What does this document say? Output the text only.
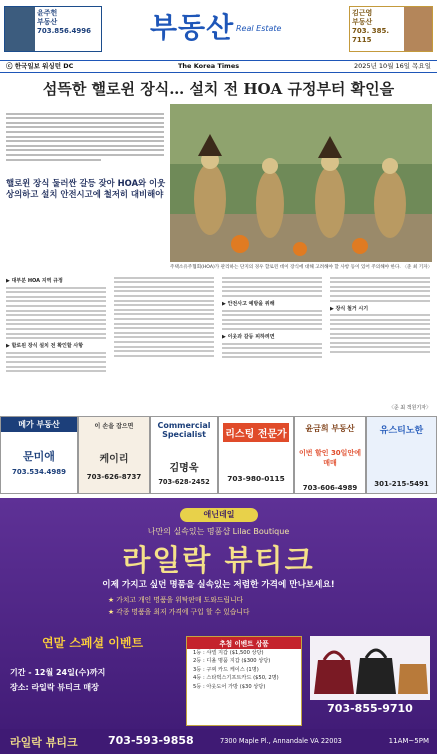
윤주헌
부동산
703.856.4996 부동산 Real Estate
김근영
부동산
703. 385. 7115
ⓒ 한국일보 워싱턴 DC	The Korea Times	2025년 10월 16일 목요일
섬뜩한 핼로윈 장식… 설치 전 HOA 규정부터 확인을
핼로윈 장식 둘러싼 갈등 잦아 HOA와 이웃 상의하고 설치 안전시고에 철저히 대비해야
주택소유주협회(HOA)가 관리하는 단지의 경우 할로윈 데이 장식에 대해 고려해야 할 사항 등이 있어 주의해야 한다. 〈준 최 기자〉
▶ 대부분 HOA 지역 규정
▶ 할로윈 장식 설치 전 확인할 사항
▶ 안전사고 예방을 위해
▶ 이웃과 갈등 피하려면
▶ 장식 철거 시기
〈준 최 객원기자〉
메가 부동산
문미애
703.534.4989
이 손을 잡으면
케이리
703-626-8737
Commercial Specialist
김명욱
703-628-2452
리스팅 전문가
703-980-0115
윤금희 부동산
이번 할인 30일안에 매매
703-606-4989
유스티노한
301-215-5491
애닌데일
나만의 실속있는 명품샵 Lilac Boutique
라일락 뷰티크
이제 가지고 싶던 명품을 실속있는 저렴한 가격에 만나보세요!
★ 가치고 개인 명품을 위탁판매 도와드립니다
★ 각종 명품을 최저 가격에 구입 할 수 있습니다
연말 스페셜 이벤트
기간 - 12월 24일(수)까지
장소: 라일락 뷰티크 매장
추첨 이벤트 상품
1등 : 샤넬 지갑 ($1,500 상당)
2등 : 디올 명품 지갑 ($300 상당)
3등 : 구찌 카드 케이스 (1명)
4등 : 스타벅스기프트카드 ($50, 2명)
5등 : 아웃도어 가방 ($30 상당)
703-855-9710
라일락 뷰티크	703-593-9858	7300 Maple Pl., Annandale VA 22003	11AM~5PM
